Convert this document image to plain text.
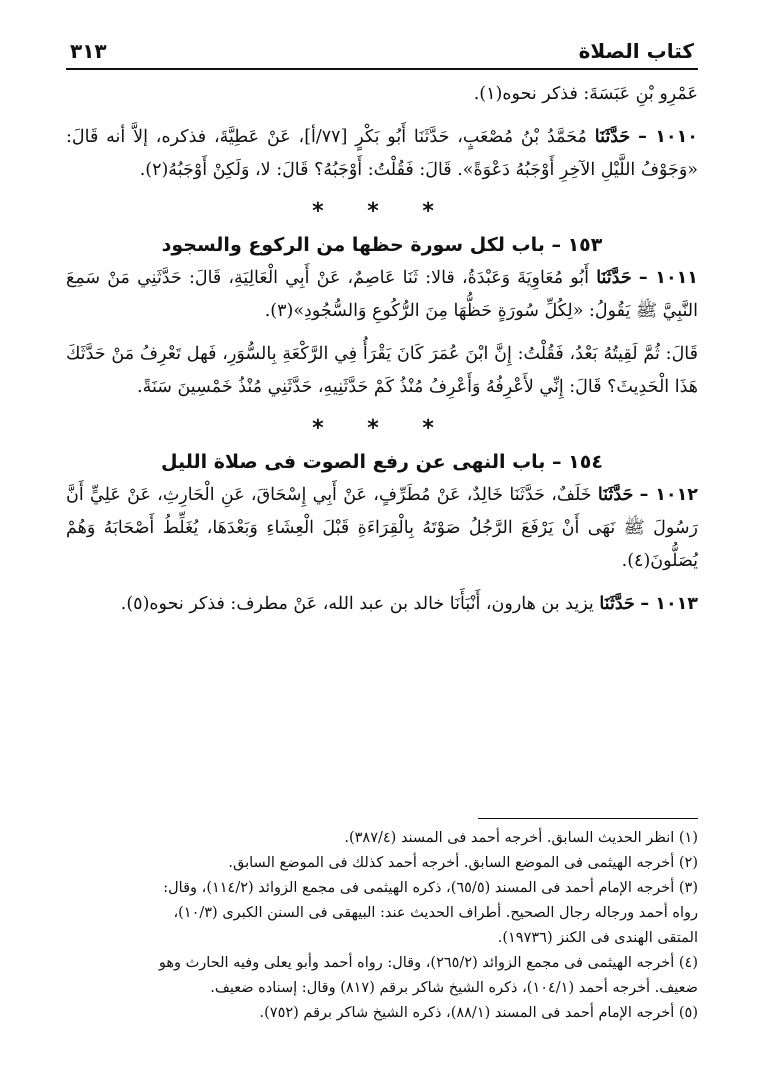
كتاب الصلاة
٣١٣

عَمْرِو بْنِ عَبَسَةَ: فذكر نحوه(١).

١٠١٠ – حَدَّثَنَا مُحَمَّدُ بْنُ مُصْعَبٍ، حَدَّثَنَا أَبُو بَكْرٍ [٧٧/أ]، عَنْ عَطِيَّةَ، فذكره، إلاَّ أنه قَالَ: «وَجَوْفُ اللَّيْلِ الآخِرِ أَوْجَبُهُ دَعْوَةً». قَالَ: فَقُلْتُ: أَوْجَبُهُ؟ قَالَ: لا، وَلَكِنْ أَوْجَبُهُ(٢).

* * *
١٥٣ – باب لكل سورة حظها من الركوع والسجود

١٠١١ – حَدَّثَنَا أَبُو مُعَاوِيَةَ وَعَبْدَةُ، قالا: ثَنَا عَاصِمٌ، عَنْ أَبِي الْعَالِيَةِ، قَالَ: حَدَّثَنِي مَنْ سَمِعَ النَّبِيَّ ﷺ يَقُولُ: «لِكُلِّ سُورَةٍ حَظُّهَا مِنَ الرُّكُوعِ وَالسُّجُودِ»(٣).

قَالَ: ثُمَّ لَقِيتُهُ بَعْدُ، فَقُلْتُ: إِنَّ ابْنَ عُمَرَ كَانَ يَقْرَأُ فِي الرَّكْعَةِ بِالسُّوَرِ، فَهل تَعْرِفُ مَنْ حَدَّثَكَ هَذَا الْحَدِيثَ؟ قَالَ: إِنِّي لأَعْرِفُهُ وَأَعْرِفُ مُنْذُ كَمْ حَدَّثَنِيهِ، حَدَّثَنِي مُنْذُ خَمْسِينَ سَنَةً.

* * *
١٥٤ – باب النهى عن رفع الصوت فى صلاة الليل

١٠١٢ – حَدَّثَنَا خَلَفٌ، حَدَّثَنَا خَالِدٌ، عَنْ مُطَرِّفٍ، عَنْ أَبِي إِسْحَاقَ، عَنِ الْحَارِثِ، عَنْ عَلِيٍّ أَنَّ رَسُولَ ﷺ نَهَى أَنْ يَرْفَعَ الرَّجُلُ صَوْتَهُ بِالْقِرَاءَةِ قَبْلَ الْعِشَاءِ وَبَعْدَهَا، يُغَلِّطُ أَصْحَابَهُ وَهُمْ يُصَلُّونَ(٤).

١٠١٣ – حَدَّثَنَا يزيد بن هارون، أَنْبَأَنَا خالد بن عبد الله، عَنْ مطرف: فذكر نحوه(٥).

(١) انظر الحديث السابق. أخرجه أحمد فى المسند (٣٨٧/٤).

(٢) أخرجه الهيثمى فى الموضع السابق. أخرجه أحمد كذلك فى الموضع السابق.

(٣) أخرجه الإمام أحمد فى المسند (٦٥/٥)، ذكره الهيثمى فى مجمع الزوائد (١١٤/٢)، وقال:

رواه أحمد ورجاله رجال الصحيح. أطراف الحديث عند: البيهقى فى السنن الكبرى (١٠/٣)،

المتقى الهندى فى الكنز (١٩٧٣٦).

(٤) أخرجه الهيثمى فى مجمع الزوائد (٢٦٥/٢)، وقال: رواه أحمد وأبو يعلى وفيه الحارث وهو

ضعيف. أخرجه أحمد (١٠٤/١)، ذكره الشيخ شاكر برقم (٨١٧) وقال: إسناده ضعيف.

(٥) أخرجه الإمام أحمد فى المسند (٨٨/١)، ذكره الشيخ شاكر برقم (٧٥٢).
